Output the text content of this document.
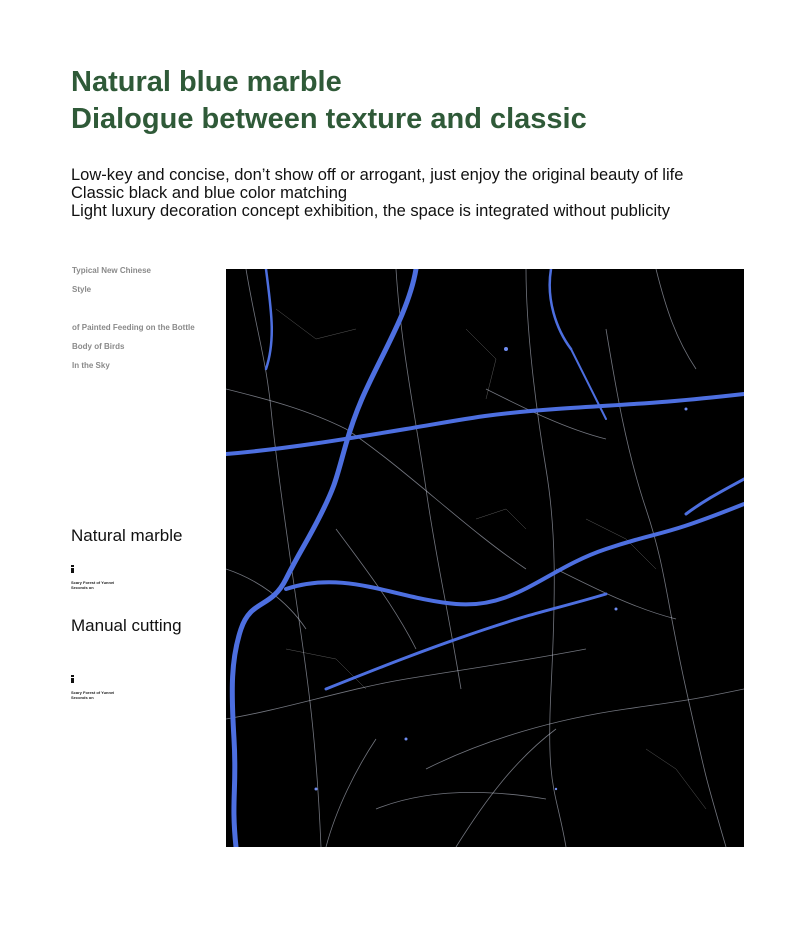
Natural blue marble
Dialogue between texture and classic
Low-key and concise, don’t show off or arrogant, just enjoy the original beauty of life
Classic black and blue color matching
Light luxury decoration concept exhibition, the space is integrated without publicity
Typical New Chinese
Style
of Painted Feeding on the Bottle
Body of Birds
In the Sky
Natural marble
Scary Forest of Yunnei
Seconds on
Manual cutting
Scary Forest of Yunnei
Seconds on
